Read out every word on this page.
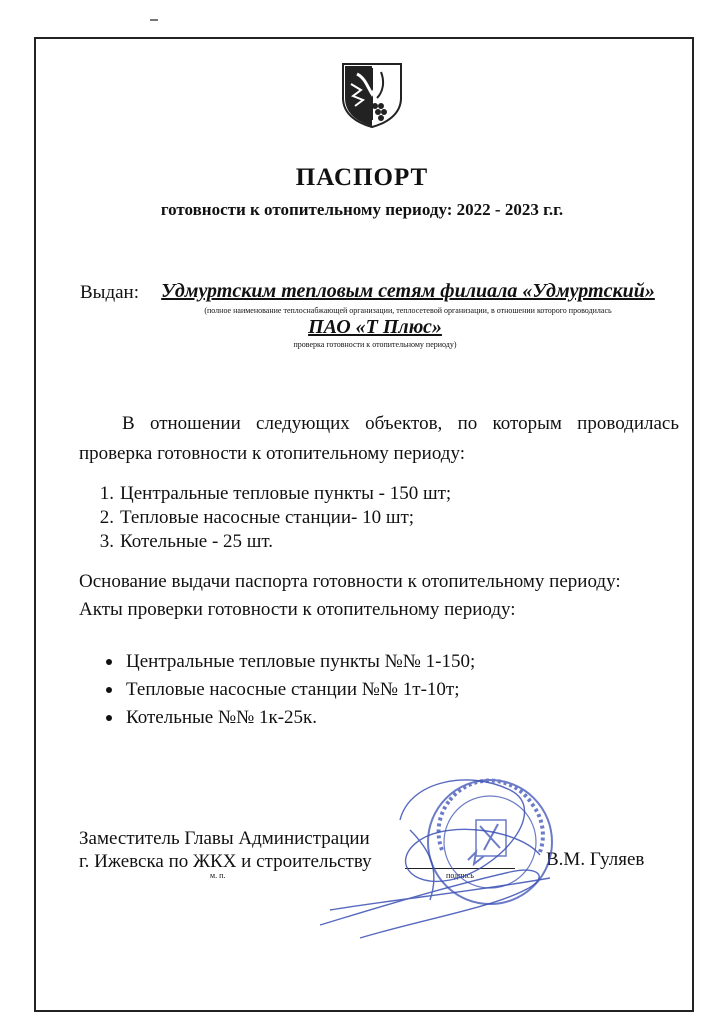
ПАСПОРТ
готовности к отопительному периоду: 2022 - 2023 г.г.
Выдан:	Удмуртским тепловым сетям филиала «Удмуртский»
(полное наименование теплоснабжающей организации, теплосетевой организации, в отношении которого проводилась
ПАО «Т Плюс»
проверка готовности к отопительному периоду)
В отношении следующих объектов, по которым проводилась проверка готовности к отопительному периоду:
1. Центральные тепловые пункты - 150 шт;
2. Тепловые насосные станции- 10 шт;
3. Котельные - 25 шт.
Основание выдачи паспорта готовности к отопительному периоду:
Акты проверки готовности к отопительному периоду:
Центральные тепловые пункты №№ 1-150;
Тепловые насосные станции №№ 1т-10т;
Котельные №№ 1к-25к.
Заместитель Главы Администрации
г. Ижевска по ЖКХ и строительству
м. п.	подпись
В.М. Гуляев
